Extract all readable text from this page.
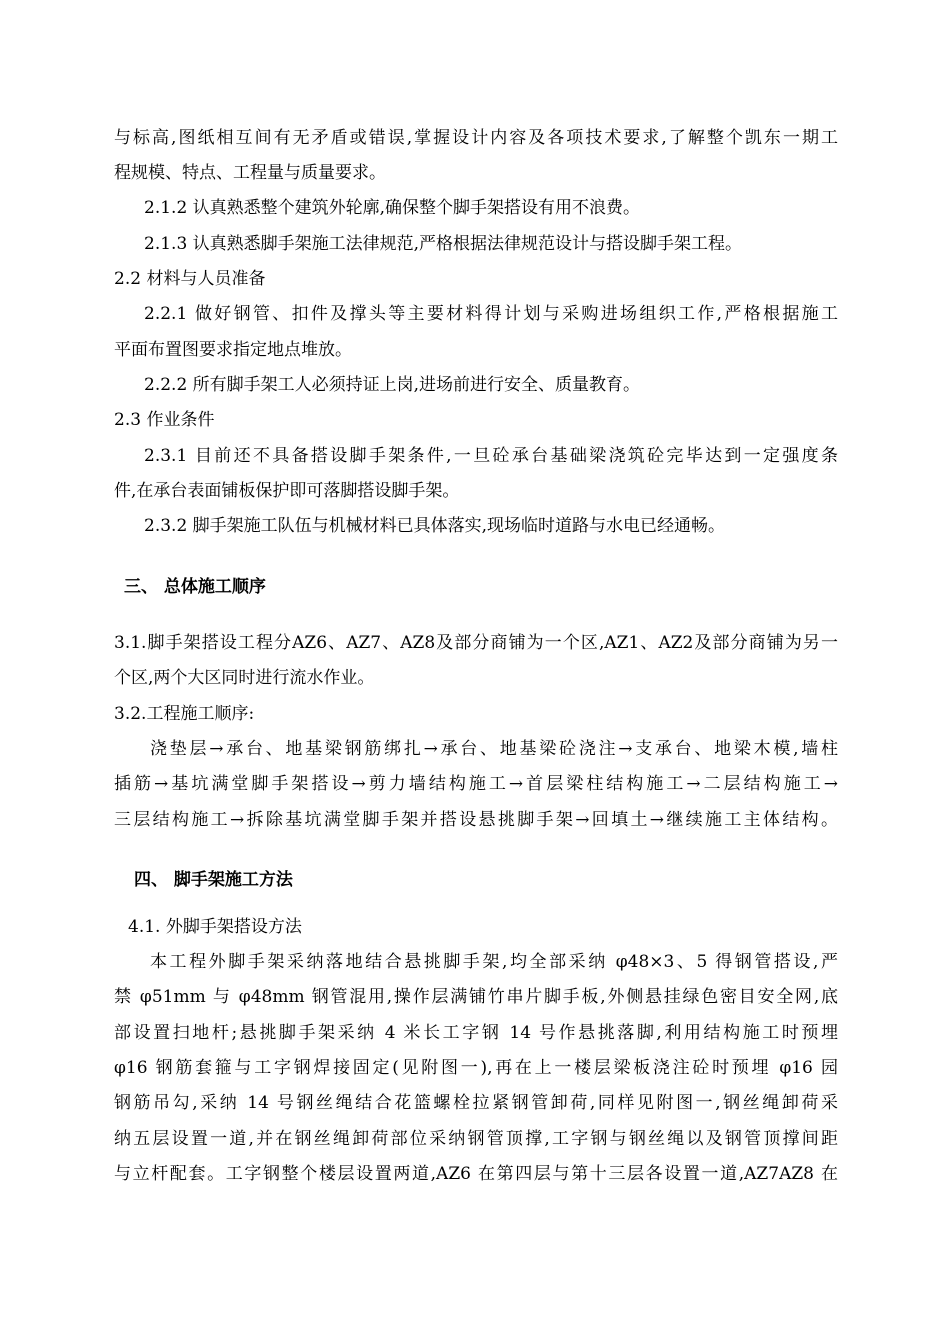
与标高,图纸相互间有无矛盾或错误,掌握设计内容及各项技术要求,了解整个凯东一期工
程规模、特点、工程量与质量要求。
2.1.2 认真熟悉整个建筑外轮廓,确保整个脚手架搭设有用不浪费。
2.1.3 认真熟悉脚手架施工法律规范,严格根据法律规范设计与搭设脚手架工程。
2.2 材料与人员准备
2.2.1 做好钢管、扣件及撑头等主要材料得计划与采购进场组织工作,严格根据施工
平面布置图要求指定地点堆放。
2.2.2 所有脚手架工人必须持证上岗,进场前进行安全、质量教育。
2.3 作业条件
2.3.1 目前还不具备搭设脚手架条件,一旦砼承台基础梁浇筑砼完毕达到一定强度条
件,在承台表面铺板保护即可落脚搭设脚手架。
2.3.2 脚手架施工队伍与机械材料已具体落实,现场临时道路与水电已经通畅。
三、 总体施工顺序
3.1.脚手架搭设工程分AZ6、AZ7、AZ8及部分商铺为一个区,AZ1、AZ2及部分商铺为另一
个区,两个大区同时进行流水作业。
3.2.工程施工顺序:
浇垫层→承台、地基梁钢筋绑扎→承台、地基梁砼浇注→支承台、地梁木模,墙柱
插筋→基坑满堂脚手架搭设→剪力墙结构施工→首层梁柱结构施工→二层结构施工→
三层结构施工→拆除基坑满堂脚手架并搭设悬挑脚手架→回填土→继续施工主体结构。
四、 脚手架施工方法
4.1. 外脚手架搭设方法
本工程外脚手架采纳落地结合悬挑脚手架,均全部采纳 φ48×3、5 得钢管搭设,严
禁 φ51mm 与 φ48mm 钢管混用,操作层满铺竹串片脚手板,外侧悬挂绿色密目安全网,底
部设置扫地杆;悬挑脚手架采纳 4 米长工字钢 14 号作悬挑落脚,利用结构施工时预埋
φ16 钢筋套箍与工字钢焊接固定(见附图一),再在上一楼层梁板浇注砼时预埋 φ16 园
钢筋吊勾,采纳 14 号钢丝绳结合花篮螺栓拉紧钢管卸荷,同样见附图一,钢丝绳卸荷采
纳五层设置一道,并在钢丝绳卸荷部位采纳钢管顶撑,工字钢与钢丝绳以及钢管顶撑间距
与立杆配套。工字钢整个楼层设置两道,AZ6 在第四层与第十三层各设置一道,AZ7AZ8 在
